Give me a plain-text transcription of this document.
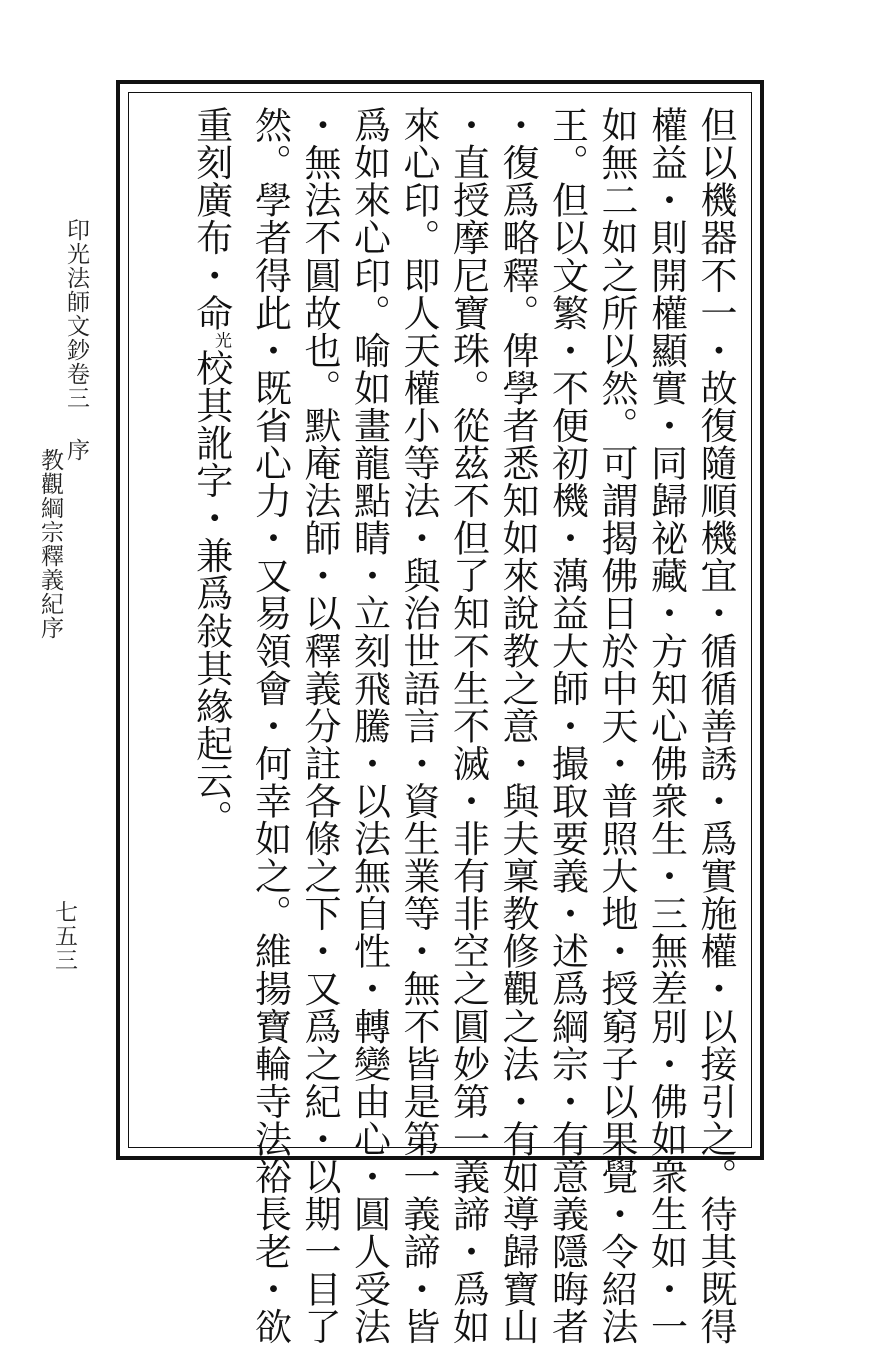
印光法師文鈔卷三序
教觀綱宗釋義紀序
七五三	但以機器不一・故復隨順機宜・循循善誘・爲實施權・以接引之。待其既得
權益・則開權顯實・同歸祕藏・方知心佛衆生・三無差別・佛如衆生如・一
如無二如之所以然。可謂揭佛日於中天・普照大地・授窮子以果覺・令紹法
王。但以文繁・不便初機・蕅益大師・撮取要義・述爲綱宗・有意義隱晦者
・復爲略釋。俾學者悉知如來說教之意・與夫稟教修觀之法・有如導歸寶山
・直授摩尼寶珠。從茲不但了知不生不滅・非有非空之圓妙第一義諦・爲如
來心印。即人天權小等法・與治世語言・資生業等・無不皆是第一義諦・皆
爲如來心印。喻如畫龍點睛・立刻飛騰・以法無自性・轉變由心・圓人受法
・無法不圓故也。默庵法師・以釋義分註各條之下・又爲之紀・以期一目了
然。學者得此・既省心力・又易領會・何幸如之。維揚寶輪寺法裕長老・欲
重刻廣布・命光校其訛字・兼爲敍其緣起云。
